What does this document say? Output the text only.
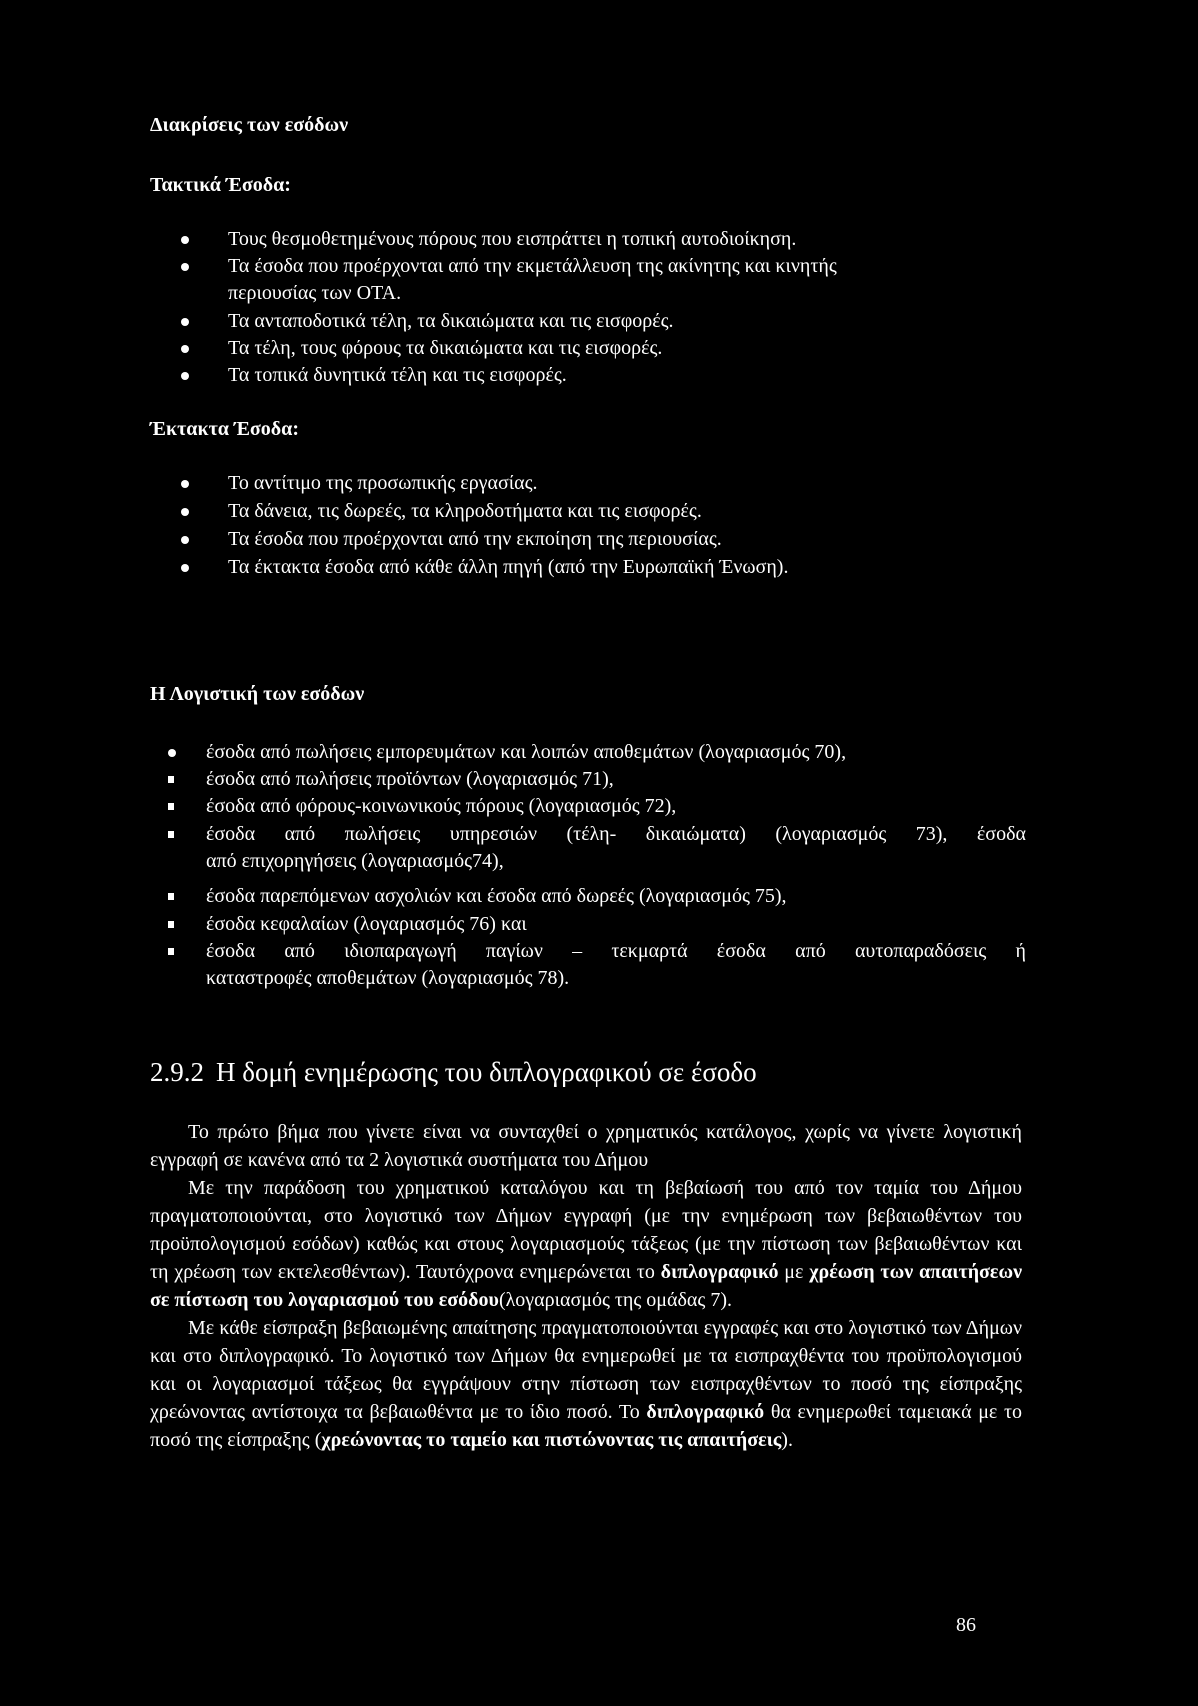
Διακρίσεις των εσόδων
Τακτικά Έσοδα:
Τους θεσμοθετημένους πόρους που εισπράττει η τοπική αυτοδιοίκηση.
Τα έσοδα που προέρχονται από την εκμετάλλευση της ακίνητης και κινητής
περιουσίας των ΟΤΑ.
Τα ανταποδοτικά τέλη, τα δικαιώματα και τις εισφορές.
Τα τέλη, τους φόρους τα δικαιώματα και τις εισφορές.
Τα τοπικά δυνητικά τέλη και τις εισφορές.
Έκτακτα Έσοδα:
Το αντίτιμο της προσωπικής εργασίας.
Τα δάνεια, τις δωρεές, τα κληροδοτήματα και τις εισφορές.
Τα έσοδα που προέρχονται από την εκποίηση της περιουσίας.
Τα έκτακτα έσοδα από κάθε άλλη πηγή (από την Ευρωπαϊκή Ένωση).
Η Λογιστική των εσόδων
έσοδα από πωλήσεις εμπορευμάτων και λοιπών αποθεμάτων (λογαριασμός 70),
έσοδα από πωλήσεις προϊόντων (λογαριασμός 71),
έσοδα από φόρους-κοινωνικούς πόρους (λογαριασμός 72),
έσοδα από πωλήσεις υπηρεσιών (τέλη- δικαιώματα) (λογαριασμός 73), έσοδα
από επιχορηγήσεις (λογαριασμός74),
έσοδα παρεπόμενων ασχολιών και έσοδα από δωρεές (λογαριασμός 75),
έσοδα κεφαλαίων (λογαριασμός 76) και
έσοδα από ιδιοπαραγωγή παγίων – τεκμαρτά έσοδα από αυτοπαραδόσεις ή
καταστροφές αποθεμάτων (λογαριασμός 78).
2.9.2 Η δομή ενημέρωσης του διπλογραφικού σε έσοδο

Το πρώτο βήμα που γίνετε είναι να συνταχθεί ο χρηματικός κατάλογος, χωρίς να γίνετε λογιστική εγγραφή σε κανένα από τα 2 λογιστικά συστήματα του Δήμου

Με την παράδοση του χρηματικού καταλόγου και τη βεβαίωσή του από τον ταμία του Δήμου πραγματοποιούνται, στο λογιστικό των Δήμων εγγραφή (με την ενημέρωση των βεβαιωθέντων του προϋπολογισμού εσόδων) καθώς και στους λογαριασμούς τάξεως (με την πίστωση των βεβαιωθέντων και τη χρέωση των εκτελεσθέντων). Ταυτόχρονα ενημερώνεται το διπλογραφικό με χρέωση των απαιτήσεων σε πίστωση του λογαριασμού του εσόδου(λογαριασμός της ομάδας 7).

Με κάθε είσπραξη βεβαιωμένης απαίτησης πραγματοποιούνται εγγραφές και στο λογιστικό των Δήμων και στο διπλογραφικό. Το λογιστικό των Δήμων θα ενημερωθεί με τα εισπραχθέντα του προϋπολογισμού και οι λογαριασμοί τάξεως θα εγγράψουν στην πίστωση των εισπραχθέντων το ποσό της είσπραξης χρεώνοντας αντίστοιχα τα βεβαιωθέντα με το ίδιο ποσό. Το διπλογραφικό θα ενημερωθεί ταμειακά με το ποσό της είσπραξης (χρεώνοντας το ταμείο και πιστώνοντας τις απαιτήσεις).

86
